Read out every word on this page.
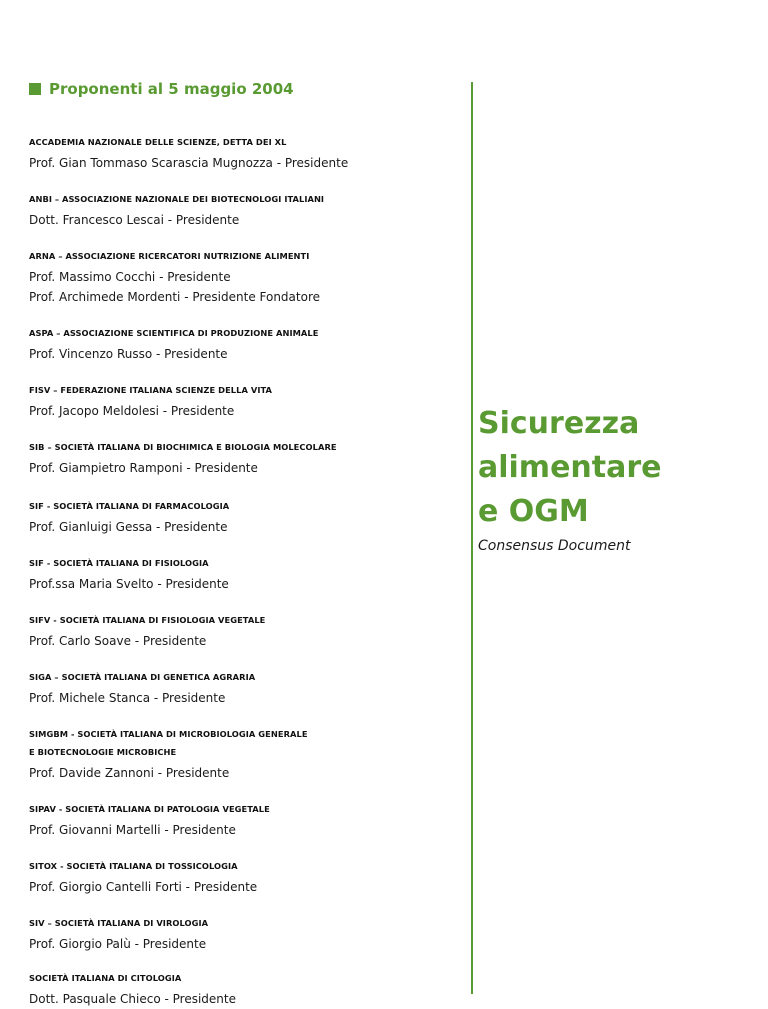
Proponenti al 5 maggio 2004
ACCADEMIA NAZIONALE DELLE SCIENZE, DETTA DEI XL
Prof. Gian Tommaso Scarascia Mugnozza - Presidente
ANBI – ASSOCIAZIONE NAZIONALE DEI BIOTECNOLOGI ITALIANI
Dott. Francesco Lescai - Presidente
ARNA – ASSOCIAZIONE RICERCATORI NUTRIZIONE ALIMENTI
Prof. Massimo Cocchi - Presidente
Prof. Archimede Mordenti - Presidente Fondatore
ASPA – ASSOCIAZIONE SCIENTIFICA DI PRODUZIONE ANIMALE
Prof. Vincenzo Russo - Presidente
FISV – FEDERAZIONE ITALIANA SCIENZE DELLA VITA
Prof. Jacopo Meldolesi - Presidente
SIB – SOCIETÀ ITALIANA DI BIOCHIMICA E BIOLOGIA MOLECOLARE
Prof. Giampietro Ramponi - Presidente
SIF - SOCIETÀ ITALIANA DI FARMACOLOGIA
Prof. Gianluigi Gessa - Presidente
SIF - SOCIETÀ ITALIANA DI FISIOLOGIA
Prof.ssa Maria Svelto - Presidente
SIFV - SOCIETÀ ITALIANA DI FISIOLOGIA VEGETALE
Prof. Carlo Soave - Presidente
SIGA – SOCIETÀ ITALIANA DI GENETICA AGRARIA
Prof. Michele Stanca - Presidente
SIMGBM - SOCIETÀ ITALIANA DI MICROBIOLOGIA GENERALE
E BIOTECNOLOGIE MICROBICHE
Prof. Davide Zannoni - Presidente
SIPAV - SOCIETÀ ITALIANA DI PATOLOGIA VEGETALE
Prof. Giovanni Martelli - Presidente
SITOX - SOCIETÀ ITALIANA DI TOSSICOLOGIA
Prof. Giorgio Cantelli Forti - Presidente
SIV – SOCIETÀ ITALIANA DI VIROLOGIA
Prof. Giorgio Palù - Presidente
SOCIETÀ ITALIANA DI CITOLOGIA
Dott. Pasquale Chieco - Presidente
Sicurezza
alimentare
e OGM
Consensus Document
